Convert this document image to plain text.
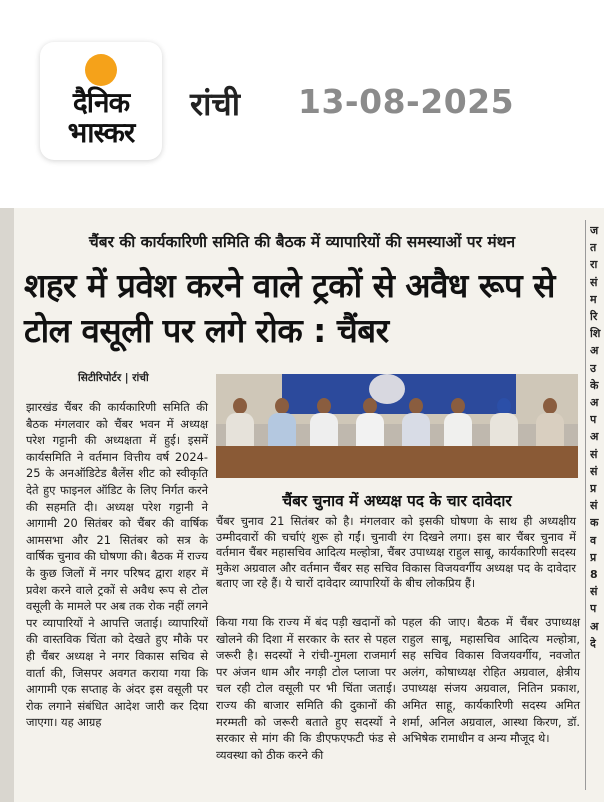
दैनिक
भास्कर
रांची 13-08-2025
चैंबर की कार्यकारिणी समिति की बैठक में व्यापारियों की समस्याओं पर मंथन
शहर में प्रवेश करने वाले ट्रकों से अवैध रूप से टोल वसूली पर लगे रोक : चैंबर
सिटीरिपोर्टर | रांची

झारखंड चैंबर की कार्यकारिणी समिति की बैठक मंगलवार को चैंबर भवन में अध्यक्ष परेश गट्टानी की अध्यक्षता में हुई। इसमें कार्यसमिति ने वर्तमान वित्तीय वर्ष 2024-25 के अनऑडिटेड बैलेंस शीट को स्वीकृति देते हुए फाइनल ऑडिट के लिए निर्गत करने की सहमति दी। अध्यक्ष परेश गट्टानी ने आगामी 20 सितंबर को चैंबर की वार्षिक आमसभा और 21 सितंबर को सत्र के वार्षिक चुनाव की घोषणा की। बैठक में राज्य के कुछ जिलों में नगर परिषद द्वारा शहर में प्रवेश करने वाले ट्रकों से अवैध रूप से टोल वसूली के मामले पर अब तक रोक नहीं लगने पर व्यापारियों ने आपत्ति जताई। व्यापारियों की वास्तविक चिंता को देखते हुए मौके पर ही चैंबर अध्यक्ष ने नगर विकास सचिव से वार्ता की, जिसपर अवगत कराया गया कि आगामी एक सप्ताह के अंदर इस वसूली पर रोक लगाने संबंधित आदेश जारी कर दिया जाएगा। यह आग्रह

चैंबर चुनाव में अध्यक्ष पद के चार दावेदार

चैंबर चुनाव 21 सितंबर को है। मंगलवार को इसकी घोषणा के साथ ही अध्यक्षीय उम्मीदवारों की चर्चाएं शुरू हो गईं। चुनावी रंग दिखने लगा। इस बार चैंबर चुनाव में वर्तमान चैंबर महासचिव आदित्य मल्होत्रा, चैंबर उपाध्यक्ष राहुल साबू, कार्यकारिणी सदस्य मुकेश अग्रवाल और वर्तमान चैंबर सह सचिव विकास विजयवर्गीय अध्यक्ष पद के दावेदार बताए जा रहे हैं। ये चारों दावेदार व्यापारियों के बीच लोकप्रिय हैं।

किया गया कि राज्य में बंद पड़ी खदानों को खोलने की दिशा में सरकार के स्तर से पहल जरूरी है। सदस्यों ने रांची-गुमला राजमार्ग पर अंजन धाम और नगड़ी टोल प्लाजा पर चल रही टोल वसूली पर भी चिंता जताई। राज्य की बाजार समिति की दुकानों की मरम्मती को जरूरी बताते हुए सदस्यों ने सरकार से मांग की कि डीएफएफटी फंड से व्यवस्था को ठीक करने की

पहल की जाए। बैठक में चैंबर उपाध्यक्ष राहुल साबू, महासचिव आदित्य मल्होत्रा, सह सचिव विकास विजयवर्गीय, नवजोत अलंग, कोषाध्यक्ष रोहित अग्रवाल, क्षेत्रीय उपाध्यक्ष संजय अग्रवाल, नितिन प्रकाश, अमित साहू, कार्यकारिणी सदस्य अमित शर्मा, अनिल अग्रवाल, आस्था किरण, डॉ. अभिषेक रामाधीन व अन्य मौजूद थे।

ज
त
रा
सं
म
रि
शि
अ
उ
के
अ
प
अ
सं
सं
प्र
सं
क
व
प्र
8
सं
प
अ
दे
